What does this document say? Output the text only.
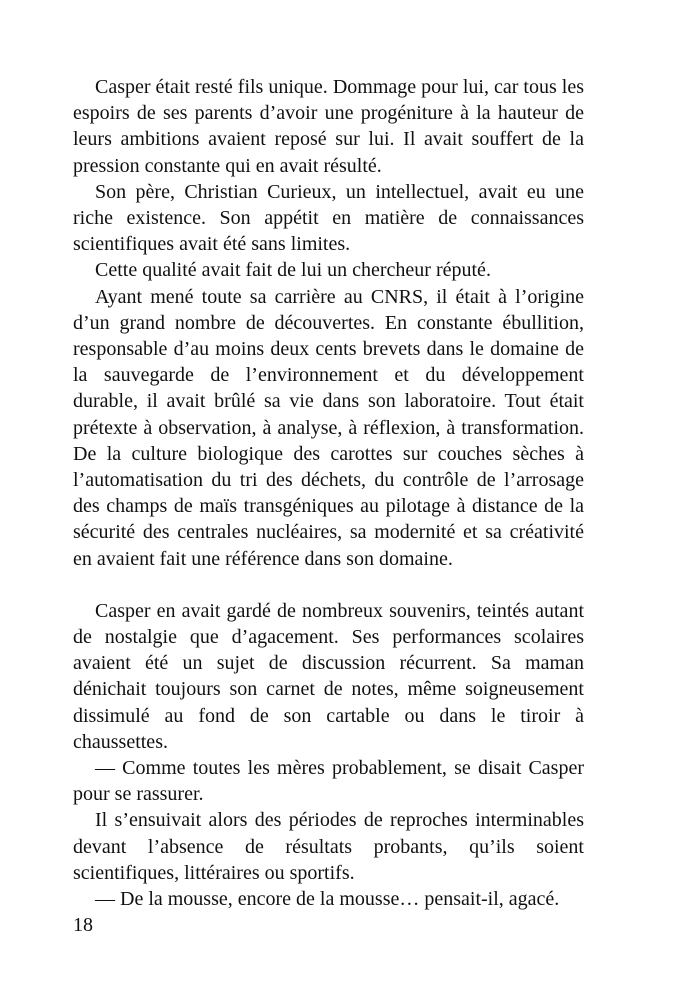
Casper était resté fils unique. Dommage pour lui, car tous les espoirs de ses parents d’avoir une progéniture à la hauteur de leurs ambitions avaient reposé sur lui. Il avait souffert de la pression constante qui en avait résulté.

Son père, Christian Curieux, un intellectuel, avait eu une riche existence. Son appétit en matière de connaissances scientifiques avait été sans limites.

Cette qualité avait fait de lui un chercheur réputé.

Ayant mené toute sa carrière au CNRS, il était à l’origine d’un grand nombre de découvertes. En constante ébullition, responsable d’au moins deux cents brevets dans le domaine de la sauvegarde de l’environnement et du développement durable, il avait brûlé sa vie dans son laboratoire. Tout était prétexte à observation, à analyse, à réflexion, à transformation. De la culture biologique des carottes sur couches sèches à l’automatisation du tri des déchets, du contrôle de l’arrosage des champs de maïs transgéniques au pilotage à distance de la sécurité des centrales nucléaires, sa modernité et sa créativité en avaient fait une référence dans son domaine.

Casper en avait gardé de nombreux souvenirs, teintés autant de nostalgie que d’agacement. Ses performances scolaires avaient été un sujet de discussion récurrent. Sa maman dénichait toujours son carnet de notes, même soigneusement dissimulé au fond de son cartable ou dans le tiroir à chaussettes.

— Comme toutes les mères probablement, se disait Casper pour se rassurer.

Il s’ensuivait alors des périodes de reproches interminables devant l’absence de résultats probants, qu’ils soient scientifiques, littéraires ou sportifs.

— De la mousse, encore de la mousse… pensait-il, agacé.

18
